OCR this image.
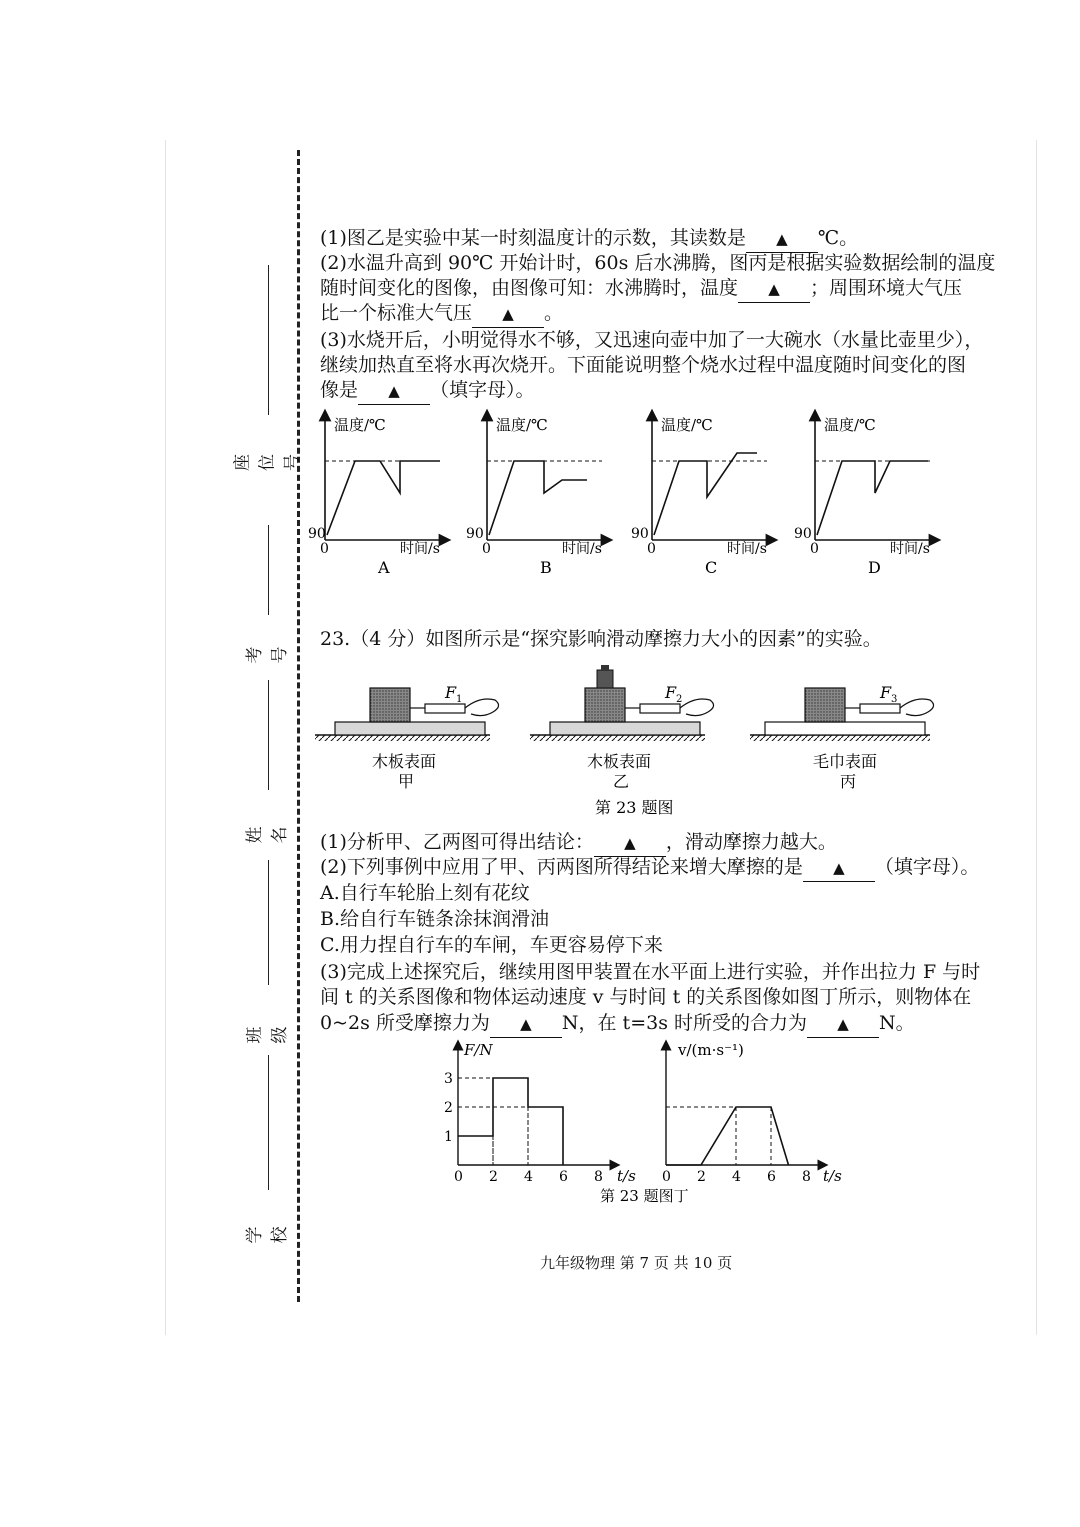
座位号
考号
姓名
班级
学校
(1)图乙是实验中某一时刻温度计的示数，其读数是 ▲ ℃。
(2)水温升高到 90℃ 开始计时，60s 后水沸腾，图丙是根据实验数据绘制的温度
随时间变化的图像，由图像可知：水沸腾时，温度 ▲ ；周围环境大气压
比一个标准大气压 ▲ 。
(3)水烧开后，小明觉得水不够，又迅速向壶中加了一大碗水（水量比壶里少），
继续加热直至将水再次烧开。下面能说明整个烧水过程中温度随时间变化的图
像是 ▲ （填字母）。
温度/℃
90
0	时间/s
A
温度/℃
90
0	时间/s
B
温度/℃
90
0	时间/s
C
温度/℃
90
0	时间/s
D
23.（4 分）如图所示是“探究影响滑动摩擦力大小的因素”的实验。
F 1
木板表面
甲
F 2
木板表面
乙
F 3
毛巾表面
丙
第 23 题图
(1)分析甲、乙两图可得出结论： ▲ ，滑动摩擦力越大。
(2)下列事例中应用了甲、丙两图所得结论来增大摩擦的是 ▲ （填字母）。
A.自行车轮胎上刻有花纹
B.给自行车链条涂抹润滑油
C.用力捏自行车的车闸，车更容易停下来
(3)完成上述探究后，继续用图甲装置在水平面上进行实验，并作出拉力 F 与时
间 t 的关系图像和物体运动速度 v 与时间 t 的关系图像如图丁所示，则物体在
0~2s 所受摩擦力为 ▲ N，在 t=3s 时所受的合力为 ▲ N。
F/N
t/s
0 2 4 6 8
1
2
3
v/(m·s⁻¹)
t/s
0 2 4 6 8
第 23 题图丁
九年级物理 第 7 页 共 10 页
